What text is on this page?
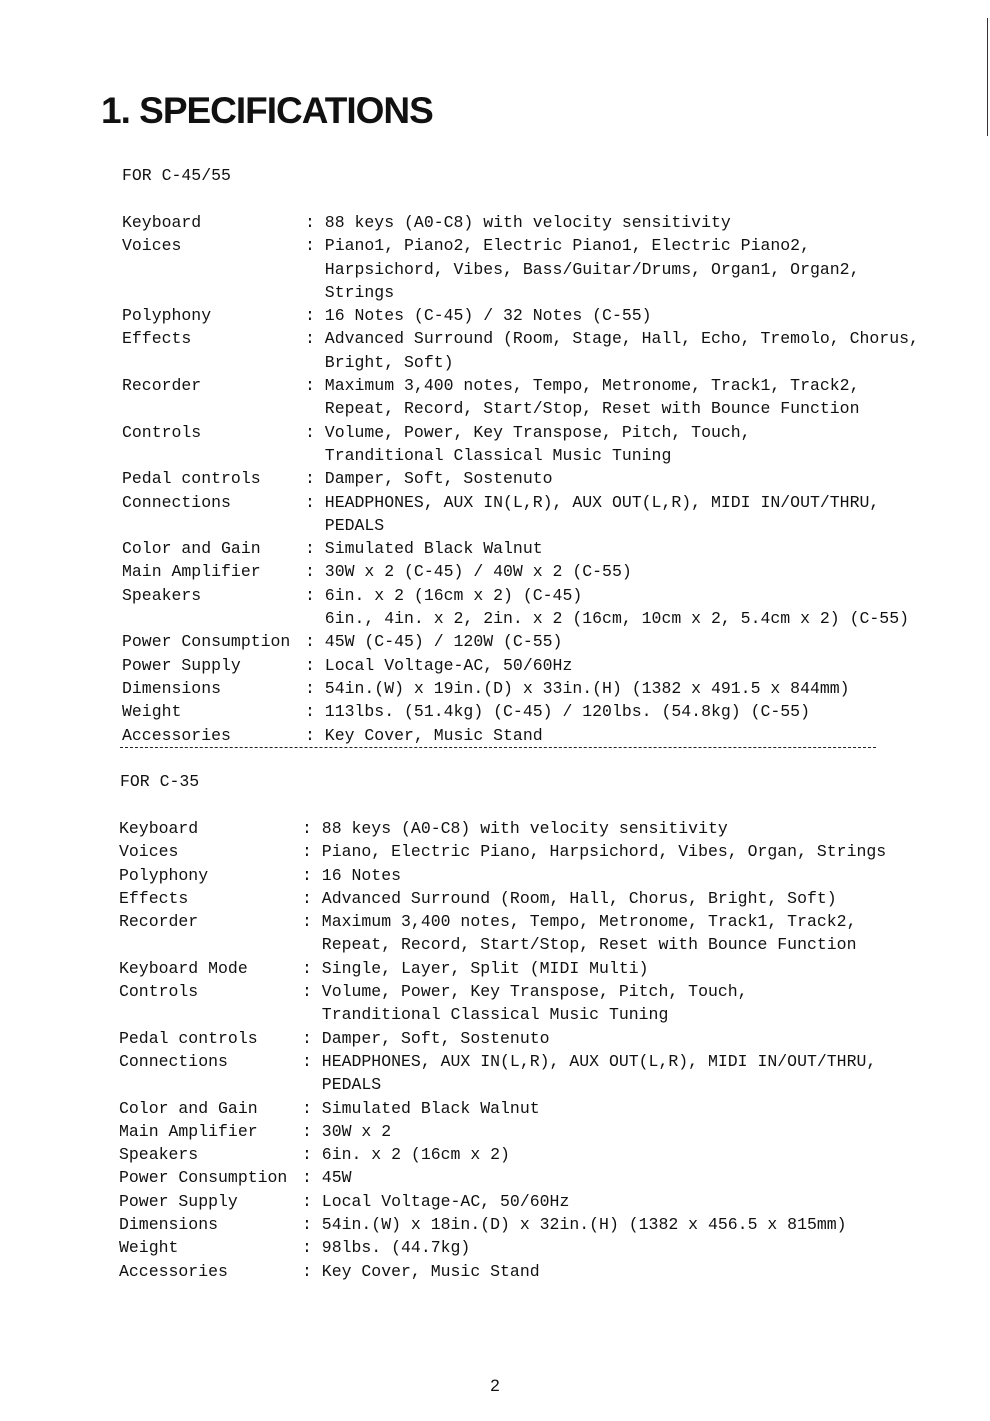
1. SPECIFICATIONS
FOR C-45/55
Keyboard	: 88 keys (A0-C8) with velocity sensitivity
Voices	: Piano1, Piano2, Electric Piano1, Electric Piano2,
Harpsichord, Vibes, Bass/Guitar/Drums, Organ1, Organ2,
Strings
Polyphony	: 16 Notes (C-45) / 32 Notes (C-55)
Effects	: Advanced Surround (Room, Stage, Hall, Echo, Tremolo, Chorus,
Bright, Soft)
Recorder	: Maximum 3,400 notes, Tempo, Metronome, Track1, Track2,
Repeat, Record, Start/Stop, Reset with Bounce Function
Controls	: Volume, Power, Key Transpose, Pitch, Touch,
Tranditional Classical Music Tuning
Pedal controls	: Damper, Soft, Sostenuto
Connections	: HEADPHONES, AUX IN(L,R), AUX OUT(L,R), MIDI IN/OUT/THRU,
PEDALS
Color and Gain	: Simulated Black Walnut
Main Amplifier	: 30W x 2 (C-45) / 40W x 2 (C-55)
Speakers	: 6in. x 2 (16cm x 2) (C-45)
6in., 4in. x 2, 2in. x 2 (16cm, 10cm x 2, 5.4cm x 2) (C-55)
Power Consumption : 45W (C-45) / 120W (C-55)
Power Supply	: Local Voltage-AC, 50/60Hz
Dimensions	: 54in.(W) x 19in.(D) x 33in.(H) (1382 x 491.5 x 844mm)
Weight	: 113lbs. (51.4kg) (C-45) / 120lbs. (54.8kg) (C-55)
Accessories	: Key Cover, Music Stand
FOR C-35
Keyboard	: 88 keys (A0-C8) with velocity sensitivity
Voices	: Piano, Electric Piano, Harpsichord, Vibes, Organ, Strings
Polyphony	: 16 Notes
Effects	: Advanced Surround (Room, Hall, Chorus, Bright, Soft)
Recorder	: Maximum 3,400 notes, Tempo, Metronome, Track1, Track2,
Repeat, Record, Start/Stop, Reset with Bounce Function
Keyboard Mode	: Single, Layer, Split (MIDI Multi)
Controls	: Volume, Power, Key Transpose, Pitch, Touch,
Tranditional Classical Music Tuning
Pedal controls	: Damper, Soft, Sostenuto
Connections	: HEADPHONES, AUX IN(L,R), AUX OUT(L,R), MIDI IN/OUT/THRU,
PEDALS
Color and Gain	: Simulated Black Walnut
Main Amplifier	: 30W x 2
Speakers	: 6in. x 2 (16cm x 2)
Power Consumption : 45W
Power Supply	: Local Voltage-AC, 50/60Hz
Dimensions	: 54in.(W) x 18in.(D) x 32in.(H) (1382 x 456.5 x 815mm)
Weight	: 98lbs. (44.7kg)
Accessories	: Key Cover, Music Stand
2
